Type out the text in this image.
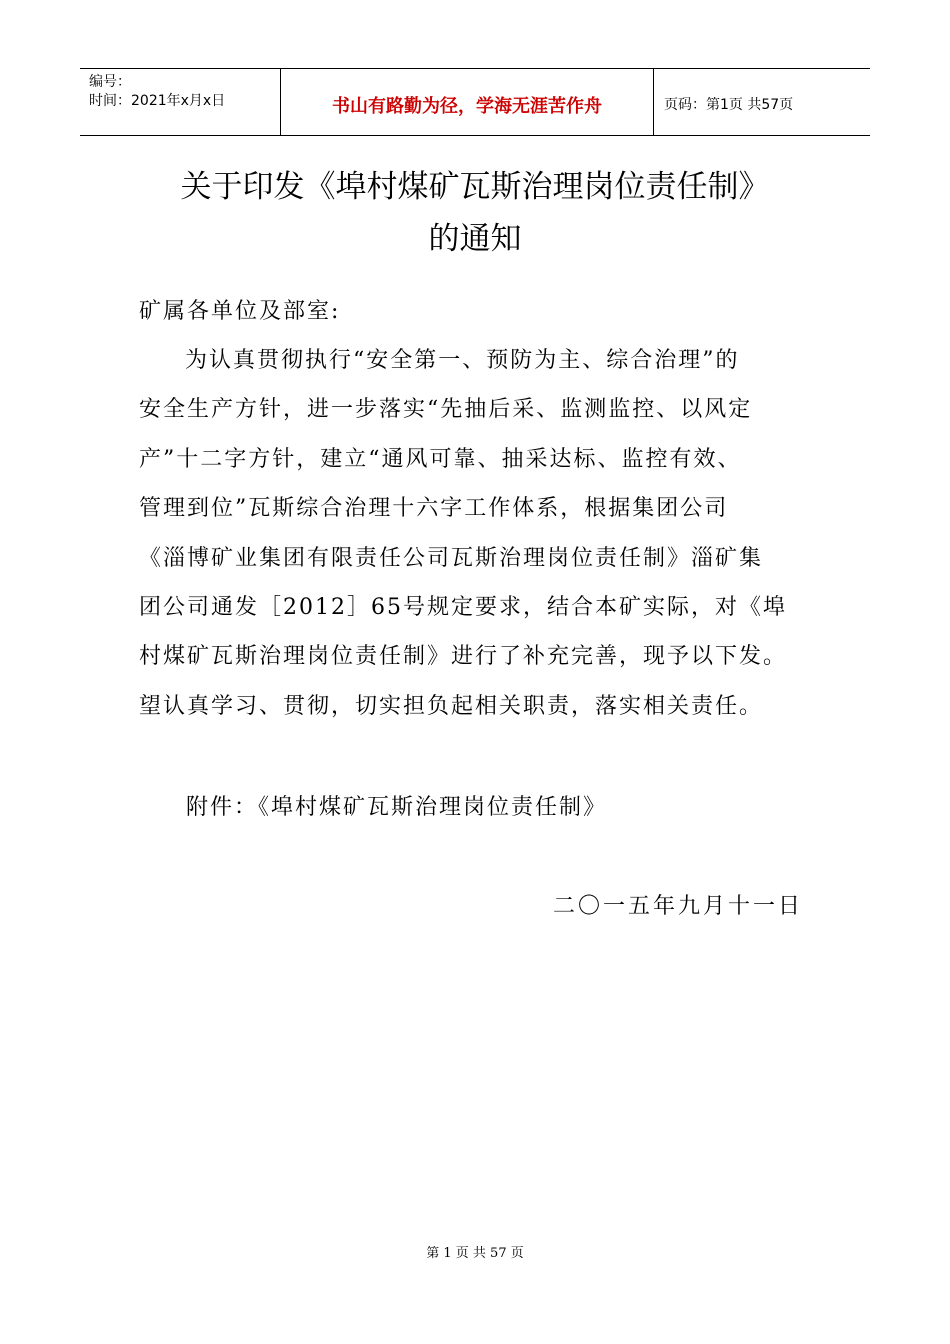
编号：
时间：2021年x月x日	书山有路勤为径，学海无涯苦作舟	页码：第1页 共57页
关于印发《埠村煤矿瓦斯治理岗位责任制》
的通知
矿属各单位及部室:
为认真贯彻执行“安全第一、预防为主、综合治理”的
安全生产方针，进一步落实“先抽后采、监测监控、以风定
产”十二字方针，建立“通风可靠、抽采达标、监控有效、
管理到位”瓦斯综合治理十六字工作体系，根据集团公司
《淄博矿业集团有限责任公司瓦斯治理岗位责任制》淄矿集
团公司通发［2012］65号规定要求，结合本矿实际，对《埠
村煤矿瓦斯治理岗位责任制》进行了补充完善，现予以下发。
望认真学习、贯彻，切实担负起相关职责，落实相关责任。
附件：《埠村煤矿瓦斯治理岗位责任制》
二〇一五年九月十一日
第 1 页 共 57 页
